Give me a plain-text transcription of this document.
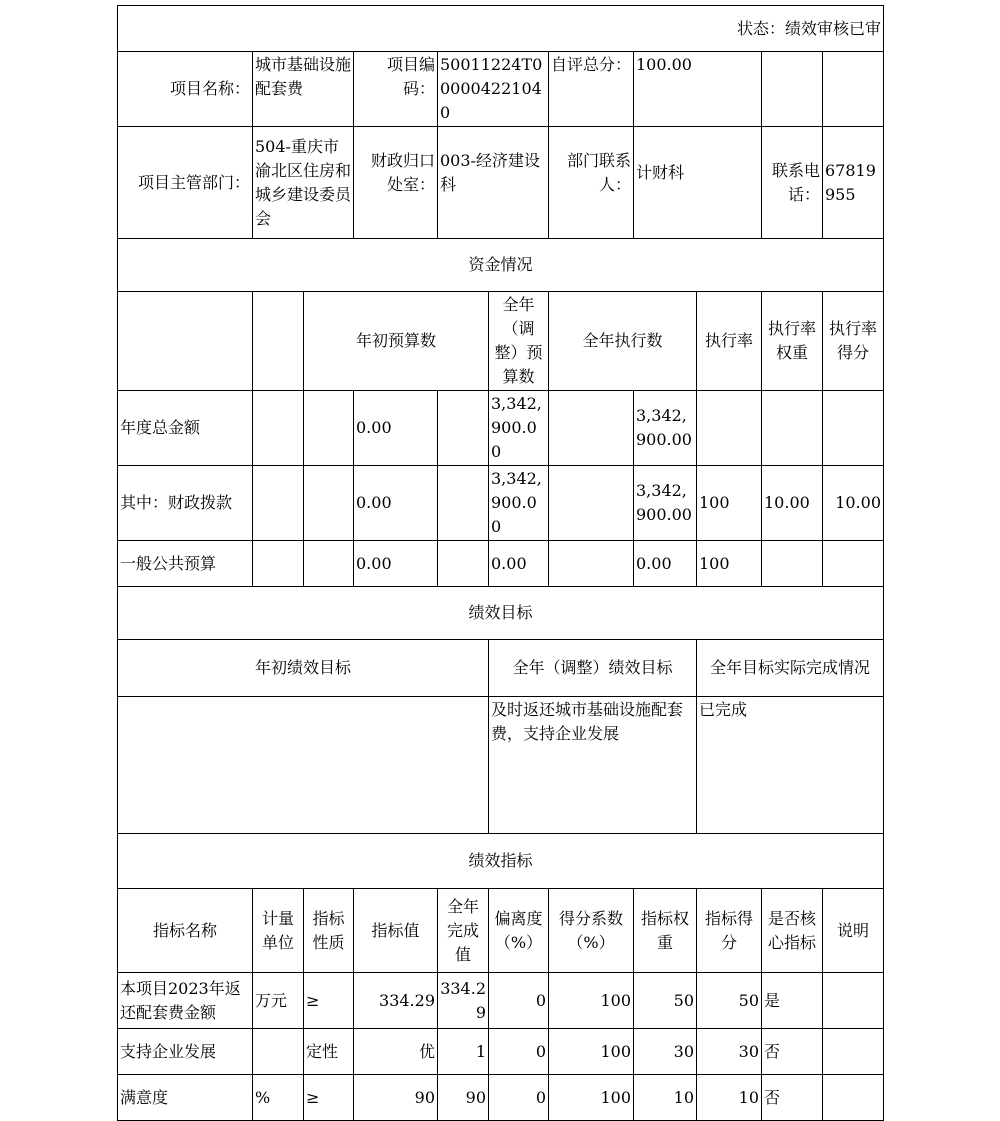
状态：绩效审核已审										
项目名称：	城市基础设施配套费		项目编码：	50011224T000004221040		自评总分：	100.00			
项目主管部门：	504-重庆市渝北区住房和城乡建设委员会		财政归口处室：	003-经济建设科		部门联系人：	计财科		联系电话：	67819955
资金情况										
		年初预算数			全年（调整）预算数	全年执行数		执行率	执行率权重	执行率得分
年度总金额			0.00		3,342,900.00		3,342,900.00			
其中：财政拨款			0.00		3,342,900.00		3,342,900.00	100	10.00	10.00
一般公共预算			0.00		0.00		0.00	100		
绩效目标										
年初绩效目标					全年（调整）绩效目标			全年目标实际完成情况		
					及时返还城市基础设施配套费，支持企业发展			已完成		
绩效指标										
指标名称	计量单位	指标性质	指标值	全年完成值	偏离度（%）	得分系数（%）	指标权重	指标得分	是否核心指标	说明
本项目2023年返还配套费金额	万元	≥	334.29	334.29	0	100	50	50	是	
支持企业发展		定性	优	1	0	100	30	30	否	
满意度	%	≥	90	90	0	100	10	10	否	
